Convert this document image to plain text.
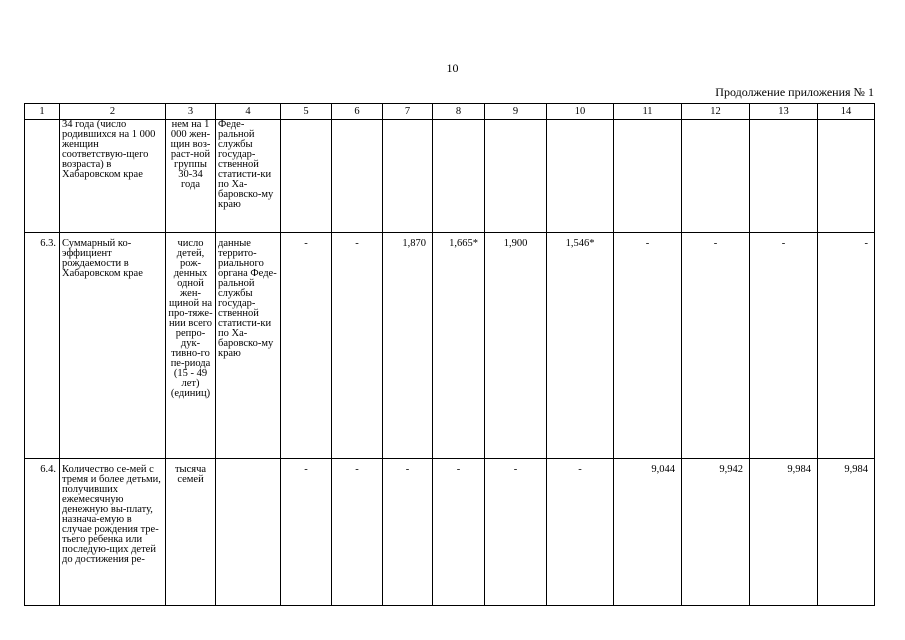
10
Продолжение приложения № 1
1	2	3	4	5	6	7	8	9	10	11	12	13	14
	34 года (число родившихся на 1 000 женщин соответствую-щего возраста) в Хабаровском крае	нем на 1 000 жен-щин воз-раст-ной группы 30-34 года	Феде-ральной службы государ-ственной статисти-ки по Ха-баровско-му краю										
6.3.	Суммарный ко-эффициент рождаемости в Хабаровском крае	число детей, рож-денных одной жен-щиной на про-тяже-нии всего репро-дук-тивно-го пе-риода (15 - 49 лет) (единиц)	данные террито-риального органа Феде-ральной службы государ-ственной статисти-ки по Ха-баровско-му краю	-	-	1,870	1,665*	1,900	1,546*	-	-	-	-
6.4.	Количество се-мей с тремя и более детьми, получивших ежемесячную денежную вы-плату, назнача-емую в случае рождения тре-тьего ребенка или последую-щих детей до достижения ре-	тысяча семей		-	-	-	-	-	-	9,044	9,942	9,984	9,984
